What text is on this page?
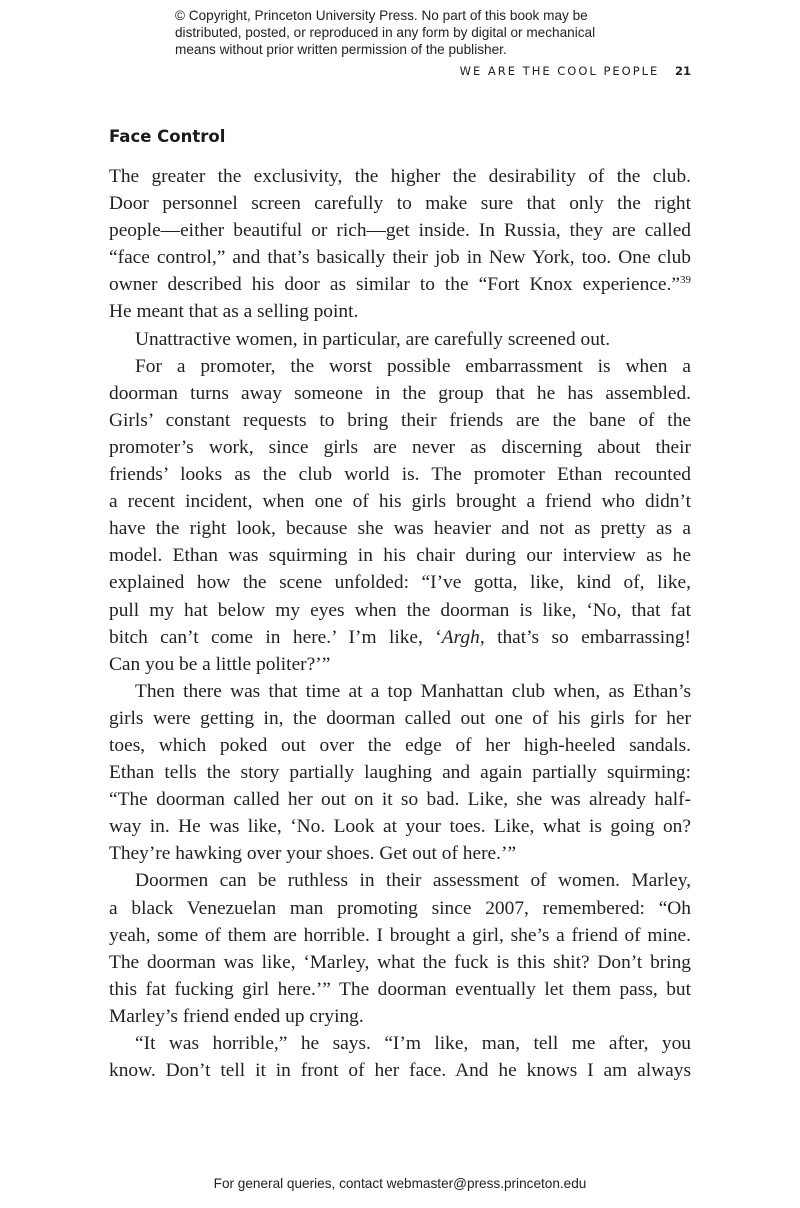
© Copyright, Princeton University Press. No part of this book may be
distributed, posted, or reproduced in any form by digital or mechanical
means without prior written permission of the publisher.
WE ARE THE COOL PEOPLE 21
Face Control
The greater the exclusivity, the higher the desirability of the club.
Door personnel screen carefully to make sure that only the right
people—either beautiful or rich—get inside. In Russia, they are called
“face control,” and that’s basically their job in New York, too. One club
owner described his door as similar to the “Fort Knox experience.”$^{39}$
He meant that as a selling point.
Unattractive women, in particular, are carefully screened out.
For a promoter, the worst possible embarrassment is when a
doorman turns away someone in the group that he has assembled.
Girls’ constant requests to bring their friends are the bane of the
promoter’s work, since girls are never as discerning about their
friends’ looks as the club world is. The promoter Ethan recounted
a recent incident, when one of his girls brought a friend who didn’t
have the right look, because she was heavier and not as pretty as a
model. Ethan was squirming in his chair during our interview as he
explained how the scene unfolded: “I’ve gotta, like, kind of, like,
pull my hat below my eyes when the doorman is like, ‘No, that fat
bitch can’t come in here.’ I’m like, ‘Argh, that’s so embarrassing!
Can you be a little politer?’”
Then there was that time at a top Manhattan club when, as Ethan’s
girls were getting in, the doorman called out one of his girls for her
toes, which poked out over the edge of her high-heeled sandals.
Ethan tells the story partially laughing and again partially squirming:
“The doorman called her out on it so bad. Like, she was already half-
way in. He was like, ‘No. Look at your toes. Like, what is going on?
They’re hawking over your shoes. Get out of here.’”
Doormen can be ruthless in their assessment of women. Marley,
a black Venezuelan man promoting since 2007, remembered: “Oh
yeah, some of them are horrible. I brought a girl, she’s a friend of mine.
The doorman was like, ‘Marley, what the fuck is this shit? Don’t bring
this fat fucking girl here.’” The doorman eventually let them pass, but
Marley’s friend ended up crying.
“It was horrible,” he says. “I’m like, man, tell me after, you
know. Don’t tell it in front of her face. And he knows I am always
For general queries, contact webmaster@press.princeton.edu
